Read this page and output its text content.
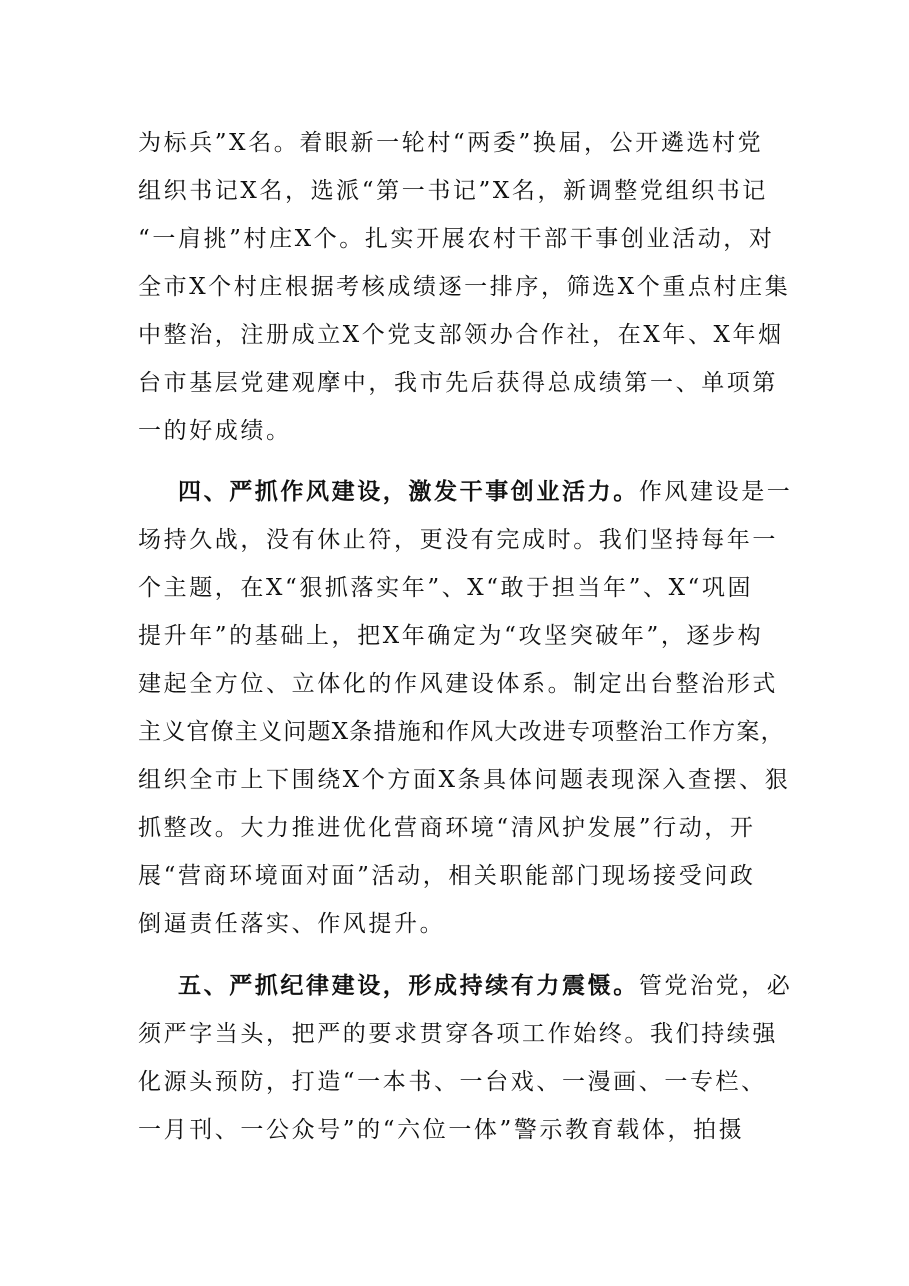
为标兵”X名。着眼新一轮村“两委”换届，公开遴选村党
组织书记X名，选派“第一书记”X名，新调整党组织书记
“一肩挑”村庄X个。扎实开展农村干部干事创业活动，对
全市X个村庄根据考核成绩逐一排序，筛选X个重点村庄集
中整治，注册成立X个党支部领办合作社，在X年、X年烟
台市基层党建观摩中，我市先后获得总成绩第一、单项第
一的好成绩。
四、严抓作风建设，激发干事创业活力。作风建设是一
场持久战，没有休止符，更没有完成时。我们坚持每年一
个主题，在X“狠抓落实年”、X“敢于担当年”、X“巩固
提升年”的基础上，把X年确定为“攻坚突破年”，逐步构
建起全方位、立体化的作风建设体系。制定出台整治形式
主义官僚主义问题X条措施和作风大改进专项整治工作方案，
组织全市上下围绕X个方面X条具体问题表现深入查摆、狠
抓整改。大力推进优化营商环境“清风护发展”行动，开
展“营商环境面对面”活动，相关职能部门现场接受问政
倒逼责任落实、作风提升。
五、严抓纪律建设，形成持续有力震慑。管党治党，必
须严字当头，把严的要求贯穿各项工作始终。我们持续强
化源头预防，打造“一本书、一台戏、一漫画、一专栏、
一月刊、一公众号”的“六位一体”警示教育载体，拍摄
